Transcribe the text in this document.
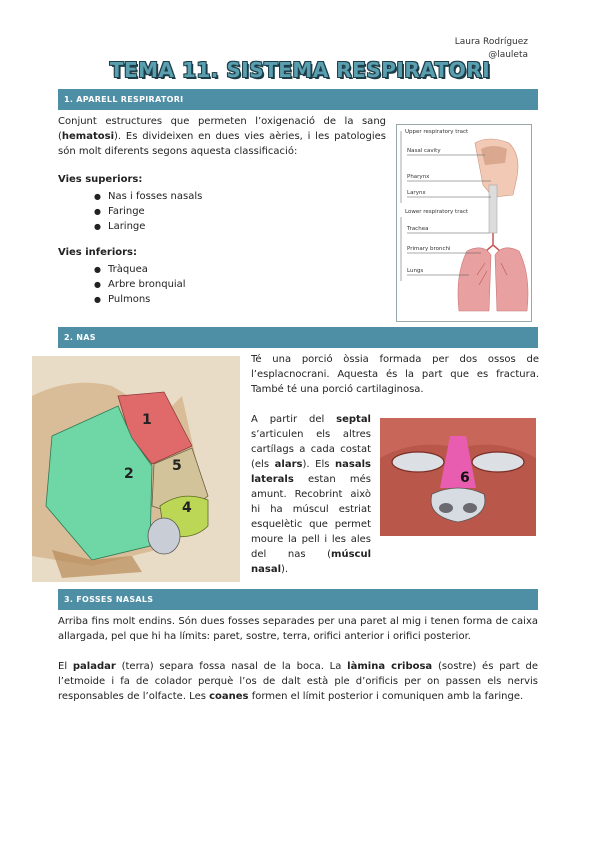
Laura Rodríguez
@lauleta
TEMA 11. SISTEMA RESPIRATORI
1. APARELL RESPIRATORI
Conjunt estructures que permeten l’oxigenació de la sang (hematosi). Es divideixen en dues vies aèries, i les patologies són molt diferents segons aquesta classificació:
Vies superiors:
● Nas i fosses nasals
● Faringe
● Laringe
Vies inferiors:
● Tràquea
● Arbre bronquial
● Pulmons
Upper respiratory tract
Nasal cavity
Pharynx
Larynx
Lower respiratory tract
Trachea
Primary bronchi
Lungs
2. NAS
1
2
4
5
Té una porció òssia formada per dos ossos de l’esplacnocrani. Aquesta és la part que es fractura. També té una porció cartilaginosa.
A partir del septal s’articulen els altres cartílags a cada costat (els alars). Els nasals laterals estan més amunt. Recobrint això hi ha múscul estriat esquelètic que permet moure la pell i les ales del nas (múscul nasal).
6
3. FOSSES NASALS
Arriba fins molt endins. Són dues fosses separades per una paret al mig i tenen forma de caixa allargada, pel que hi ha límits: paret, sostre, terra, orifici anterior i orifici posterior.
El paladar (terra) separa fossa nasal de la boca. La làmina cribosa (sostre) és part de l’etmoide i fa de colador perquè l’os de dalt està ple d’orificis per on passen els nervis responsables de l’olfacte. Les coanes formen el límit posterior i comuniquen amb la faringe.
